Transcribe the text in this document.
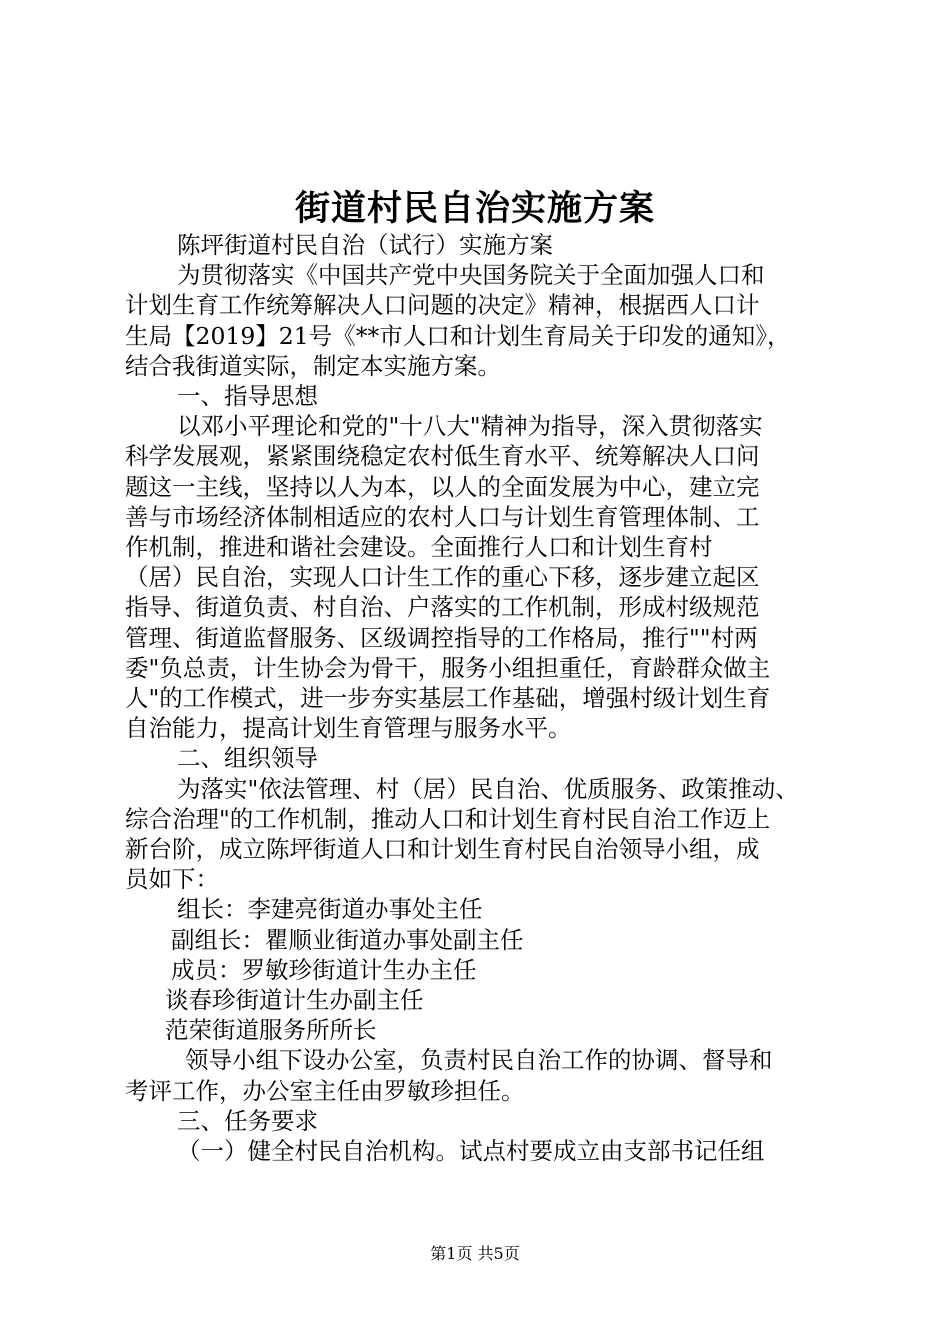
街道村民自治实施方案

陈坪街道村民自治（试行）实施方案

为贯彻落实《中国共产党中央国务院关于全面加强人口和

计划生育工作统筹解决人口问题的决定》精神，根据西人口计

生局【2019】21号《**市人口和计划生育局关于印发的通知》，

结合我街道实际，制定本实施方案。

一、指导思想

以邓小平理论和党的"十八大"精神为指导，深入贯彻落实

科学发展观，紧紧围绕稳定农村低生育水平、统筹解决人口问

题这一主线，坚持以人为本，以人的全面发展为中心，建立完

善与市场经济体制相适应的农村人口与计划生育管理体制、工

作机制，推进和谐社会建设。全面推行人口和计划生育村

（居）民自治，实现人口计生工作的重心下移，逐步建立起区

指导、街道负责、村自治、户落实的工作机制，形成村级规范

管理、街道监督服务、区级调控指导的工作格局，推行""村两

委"负总责，计生协会为骨干，服务小组担重任，育龄群众做主

人"的工作模式，进一步夯实基层工作基础，增强村级计划生育

自治能力，提高计划生育管理与服务水平。

二、组织领导

为落实"依法管理、村（居）民自治、优质服务、政策推动、

综合治理"的工作机制，推动人口和计划生育村民自治工作迈上

新台阶，成立陈坪街道人口和计划生育村民自治领导小组，成

员如下：

组长：李建亮街道办事处主任

副组长：瞿顺业街道办事处副主任

成员：罗敏珍街道计生办主任

谈春珍街道计生办副主任

范荣街道服务所所长

领导小组下设办公室，负责村民自治工作的协调、督导和

考评工作，办公室主任由罗敏珍担任。

三、任务要求

（一）健全村民自治机构。试点村要成立由支部书记任组

第1页 共5页
